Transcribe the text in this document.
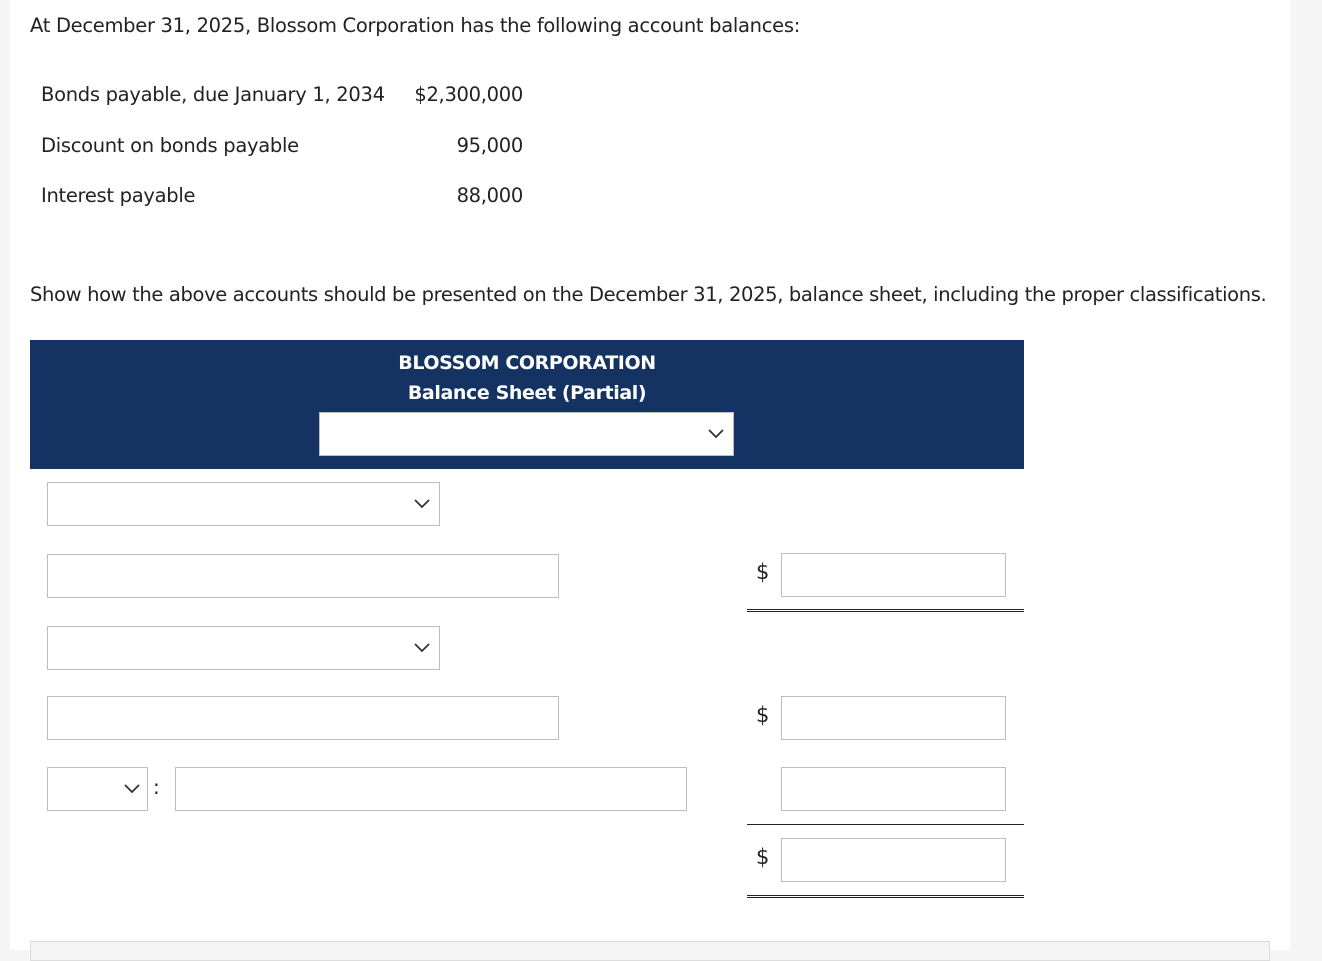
At December 31, 2025, Blossom Corporation has the following account balances:
Bonds payable, due January 1, 2034 $2,300,000
Discount on bonds payable	95,000
Interest payable	88,000
Show how the above accounts should be presented on the December 31, 2025, balance sheet, including the proper classifications.
BLOSSOM CORPORATION
Balance Sheet (Partial)
$
$
:
$
